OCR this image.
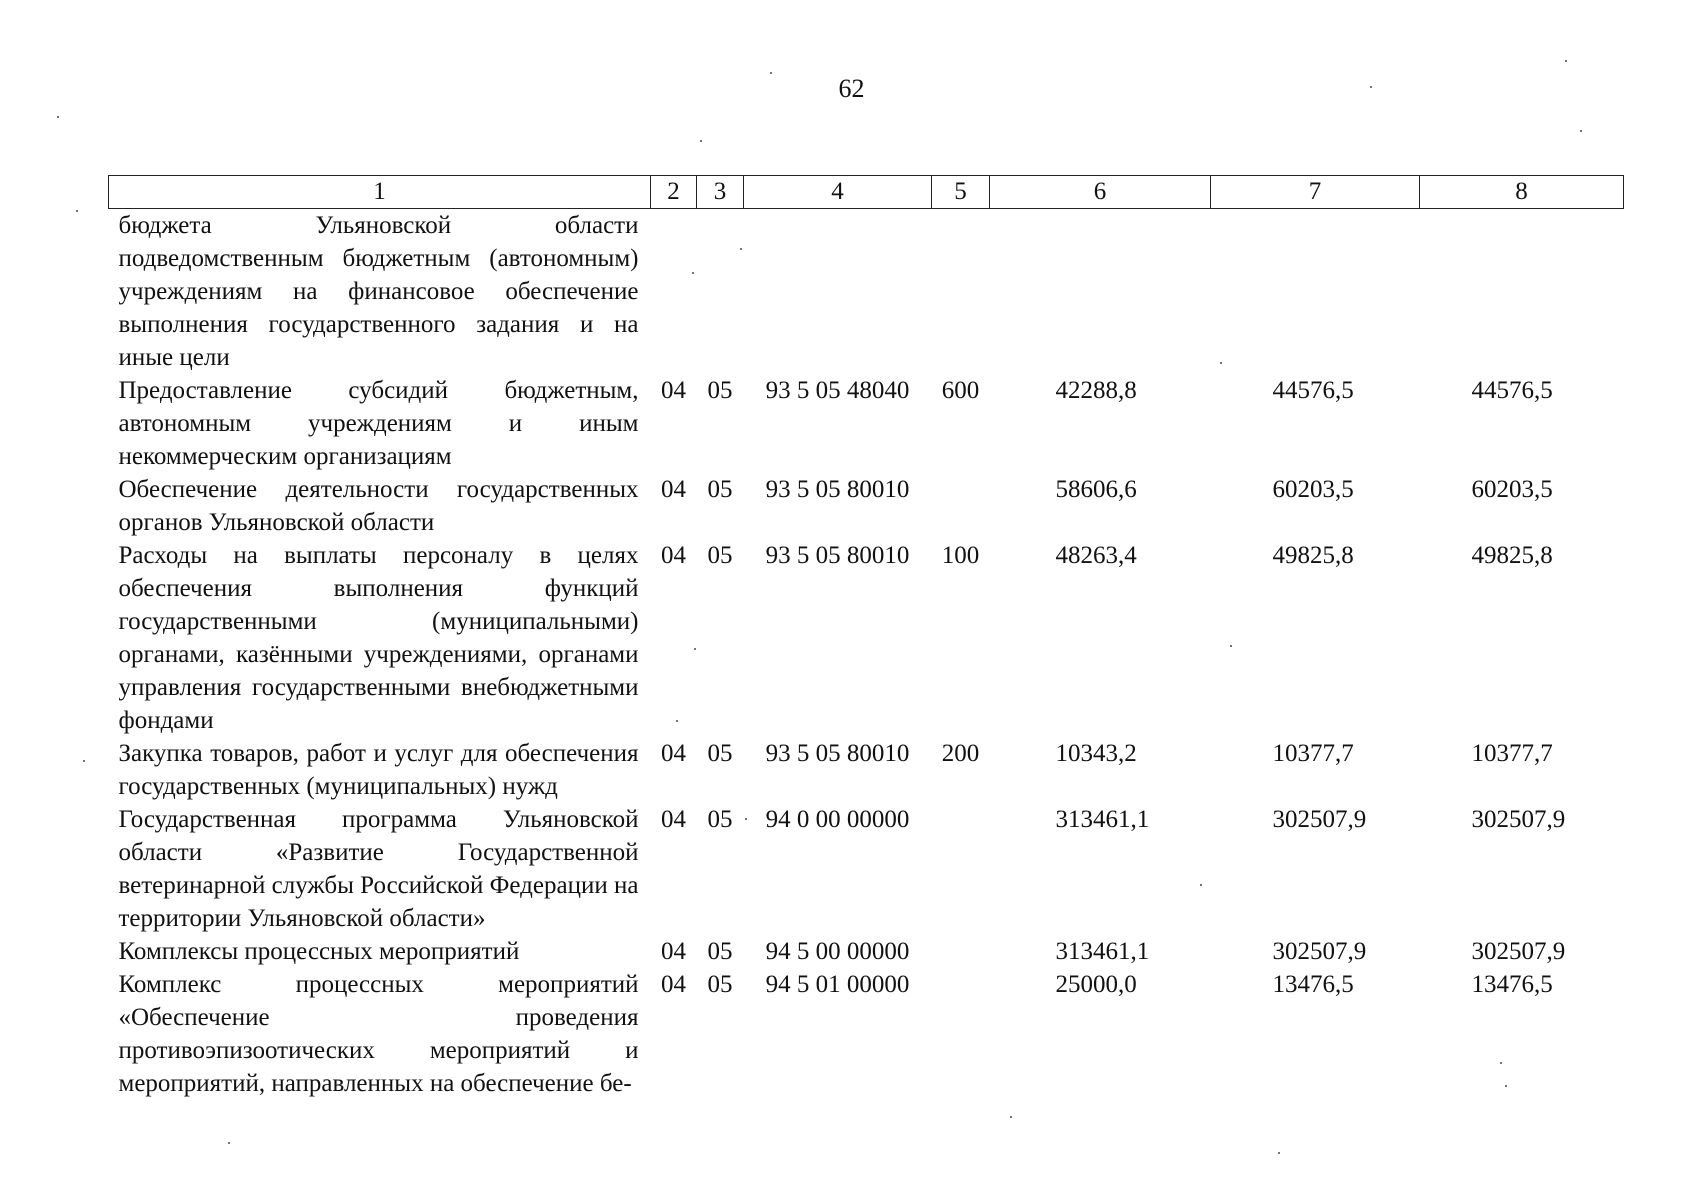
62
1	2	3	4	5	6	7	8
бюджета Ульяновской области подведомственным бюджетным (автономным) учреждениям на финансовое обеспечение выполнения государственного задания и на иные цели							
Предоставление субсидий бюджетным, автономным учреждениям и иным некоммерческим организациям	04	05	93 5 05 48040	600	42288,8	44576,5	44576,5
Обеспечение деятельности государственных органов Ульяновской области	04	05	93 5 05 80010		58606,6	60203,5	60203,5
Расходы на выплаты персоналу в целях обеспечения выполнения функций государственными (муниципальными) органами, казёнными учреждениями, органами управления государственными внебюджетными фондами	04	05	93 5 05 80010	100	48263,4	49825,8	49825,8
Закупка товаров, работ и услуг для обеспечения государственных (муниципальных) нужд	04	05	93 5 05 80010	200	10343,2	10377,7	10377,7
Государственная программа Ульяновской области «Развитие Государственной ветеринарной службы Российской Федерации на территории Ульяновской области»	04	05	94 0 00 00000		313461,1	302507,9	302507,9
Комплексы процессных мероприятий	04	05	94 5 00 00000		313461,1	302507,9	302507,9
Комплекс процессных мероприятий «Обеспечение проведения противоэпизоотических мероприятий и мероприятий, направленных на обеспечение бе-	04	05	94 5 01 00000		25000,0	13476,5	13476,5
